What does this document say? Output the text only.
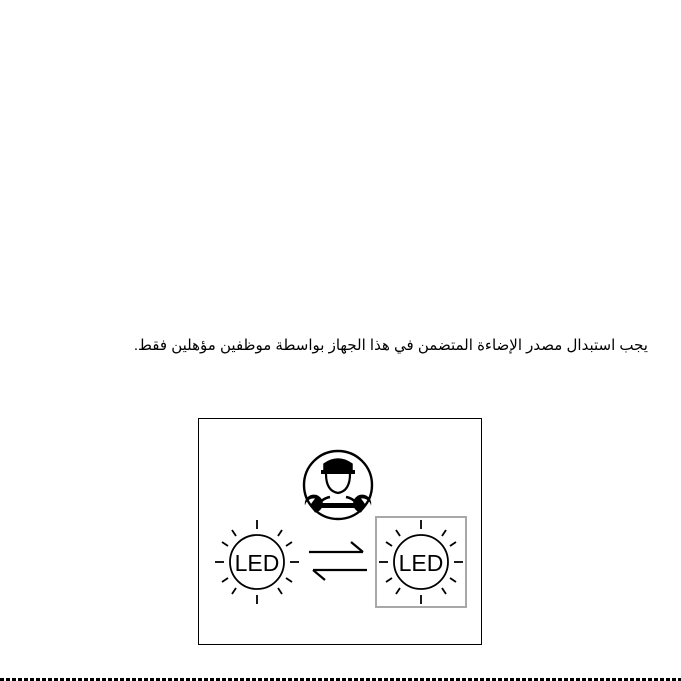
يجب استبدال مصدر الإضاءة المتضمن في هذا الجهاز بواسطة موظفين مؤهلين فقط.
LED	LED
